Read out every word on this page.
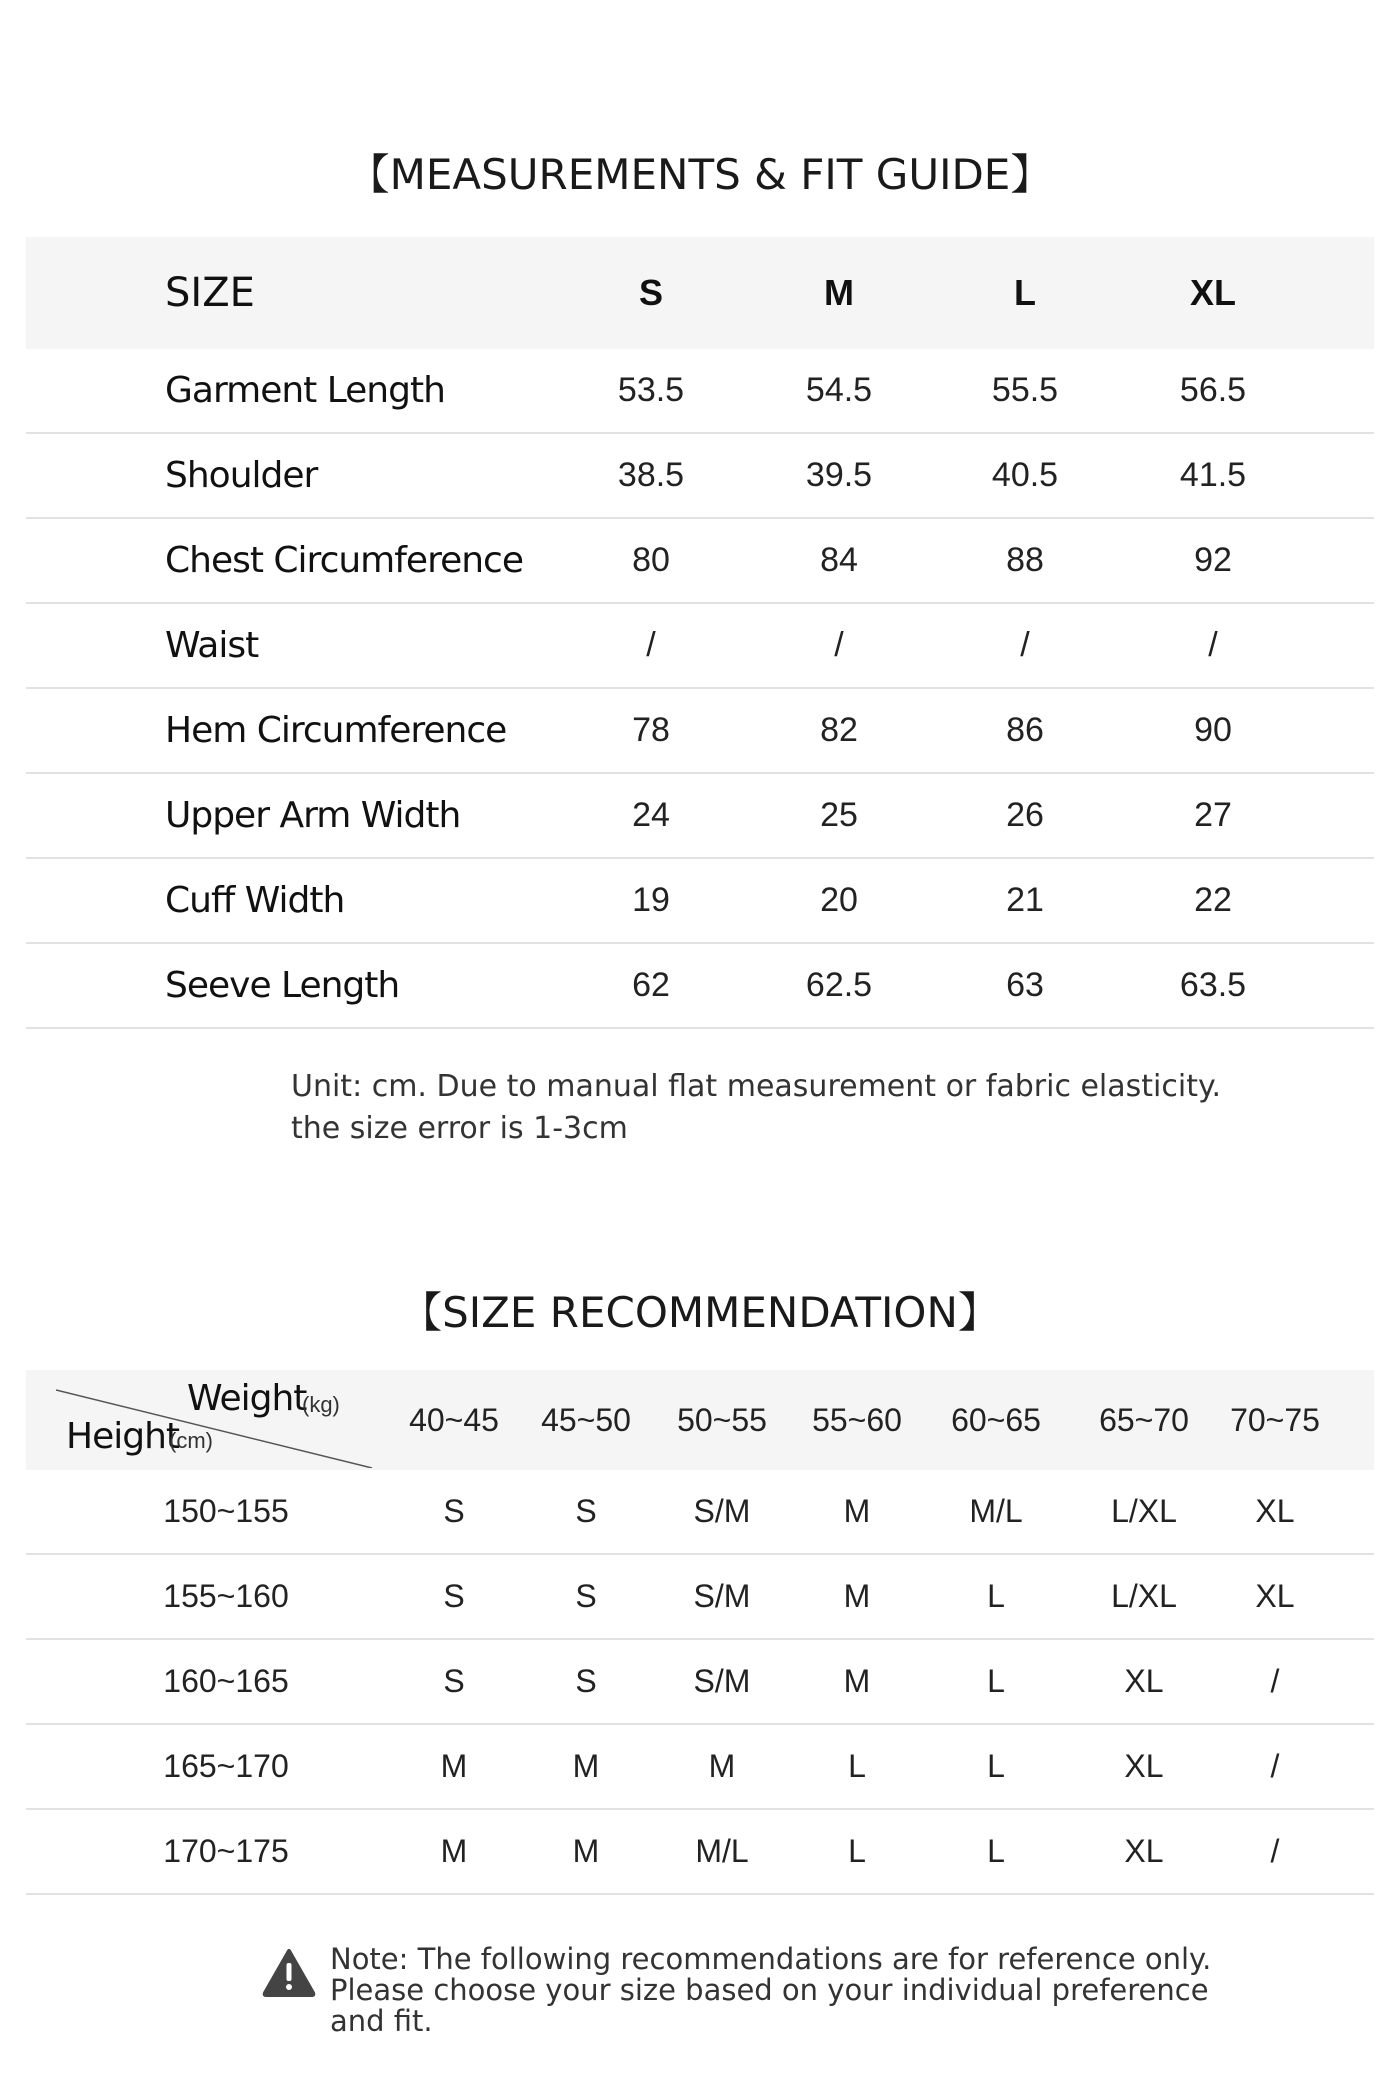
【MEASUREMENTS & FIT GUIDE】
SIZE	S	M	L	XL
Garment Length	53.5	54.5	55.5	56.5
Shoulder	38.5	39.5	40.5	41.5
Chest Circumference	80	84	88	92
Waist	/	/	/	/
Hem Circumference	78	82	86	90
Upper Arm Width	24	25	26	27
Cuff Width	19	20	21	22
Seeve Length	62	62.5	63	63.5
Unit: cm. Due to manual flat measurement or fabric elasticity.
the size error is 1-3cm
【SIZE RECOMMENDATION】
Weight
(kg)
Height
(cm)
40~45	45~50	50~55	55~60	60~65	65~70	70~75
150~155	S	S	S/M	M	M/L	L/XL	XL
155~160	S	S	S/M	M	L	L/XL	XL
160~165	S	S	S/M	M	L	XL	/
165~170	M	M	M	L	L	XL	/
170~175	M	M	M/L	L	L	XL	/
Note: The following recommendations are for reference only.
Please choose your size based on your individual preference and fit.
